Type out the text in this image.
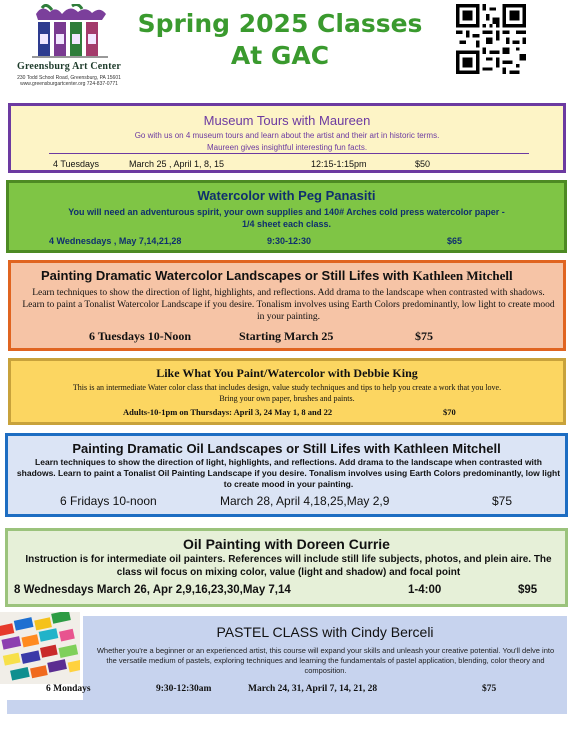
Greensburg Art Center
230 Todd School Road, Greensburg, PA 15601
www.greensburgartcenter.org 724-837-0771
Spring 2025 Classes
At GAC
Museum Tours with Maureen
Go with us on 4 museum tours and learn about the artist and their art in historic terms.
Maureen gives insightful interesting fun facts.
4 Tuesdays	March 25 , April 1, 8, 15	12:15-1:15pm	$50
Watercolor with Peg Panasiti
You will need an adventurous spirit, your own supplies and 140# Arches cold press watercolor paper -
1/4 sheet each class.
4 Wednesdays , May 7,14,21,28	9:30-12:30	$65
Painting Dramatic Watercolor Landscapes or Still Lifes with Kathleen Mitchell
Learn techniques to show the direction of light, highlights, and reflections. Add drama to the landscape when contrasted with shadows. Learn to paint a Tonalist Watercolor Landscape if you desire. Tonalism involves using Earth Colors predominantly, low light to create mood in your painting.
6 Tuesdays 10-Noon	Starting March 25	$75
Like What You Paint/Watercolor with Debbie King
This is an intermediate Water color class that includes design, value study techniques and tips to help you create a work that you love.
Bring your own paper, brushes and paints.
Adults-10-1pm on Thursdays: April 3, 24 May 1, 8 and 22	$70
Painting Dramatic Oil Landscapes or Still Lifes with Kathleen Mitchell
Learn techniques to show the direction of light, highlights, and reflections. Add drama to the landscape when contrasted with shadows. Learn to paint a Tonalist Oil Painting Landscape if you desire. Tonalism involves using Earth Colors predominantly, low light to create mood in your painting.
6 Fridays 10-noon	March 28, April 4,18,25,May 2,9	$75
Oil Painting with Doreen Currie
Instruction is for intermediate oil painters. References will include still life subjects, photos, and plein aire. The class wil focus on mixing color, value (light and shadow) and focal point
8 Wednesdays March 26, Apr 2,9,16,23,30,May 7,14	1-4:00	$95
PASTEL CLASS with Cindy Berceli
Whether you're a beginner or an experienced artist, this course will expand your skills and unleash your creative potential. You'll delve into the versatile medium of pastels, exploring techniques and learning the fundamentals of pastel application, blending, color theory and composition.
6 Mondays	9:30-12:30am	March 24, 31, April 7, 14, 21, 28	$75
